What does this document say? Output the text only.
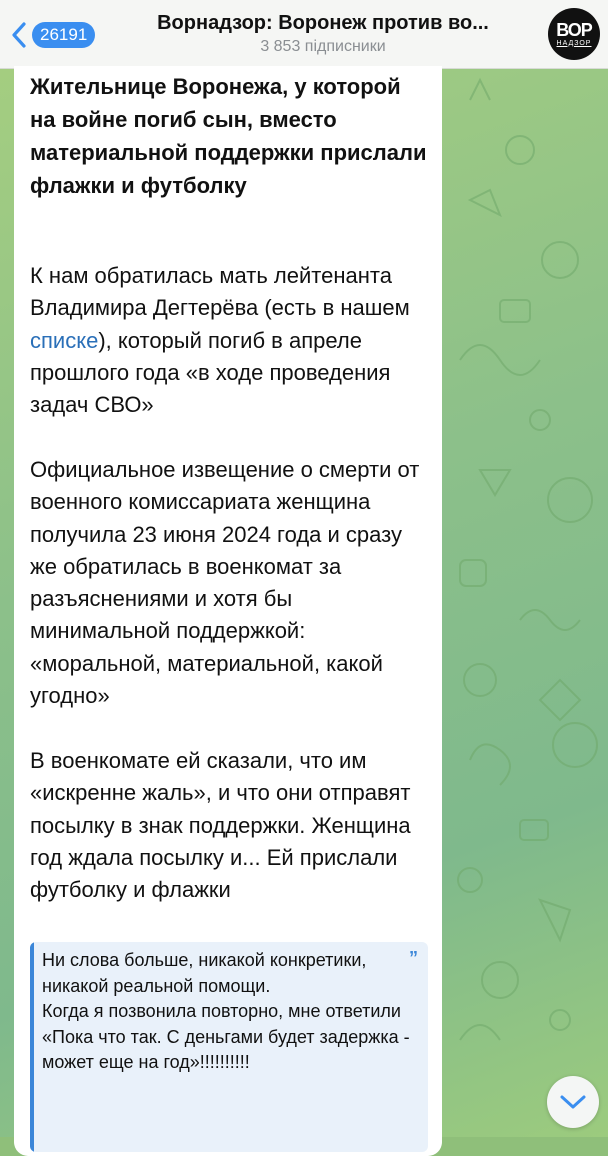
26191
Ворнадзор: Воронеж против во...
3 853 підписники
ВОР
НАДЗОР
Жительнице Воронежа, у которой на войне погиб сын, вместо материальной поддержки прислали флажки и футболку
К нам обратилась мать лейтенанта Владимира Дегтерёва (есть в нашем списке), который погиб в апреле прошлого года «в ходе проведения задач СВО»
Официальное извещение о смерти от военного комиссариата женщина получила 23 июня 2024 года и сразу же обратилась в военкомат за разъяснениями и хотя бы минимальной поддержкой: «моральной, материальной, какой угодно»
В военкомате ей сказали, что им «искренне жаль», и что они отправят посылку в знак поддержки. Женщина год ждала посылку и... Ей прислали футболку и флажки
”
Ни слова больше, никакой конкретики, никакой реальной помощи.
Когда я позвонила повторно, мне ответили «Пока что так. С деньгами будет задержка - может еще на год»!!!!!!!!!!
